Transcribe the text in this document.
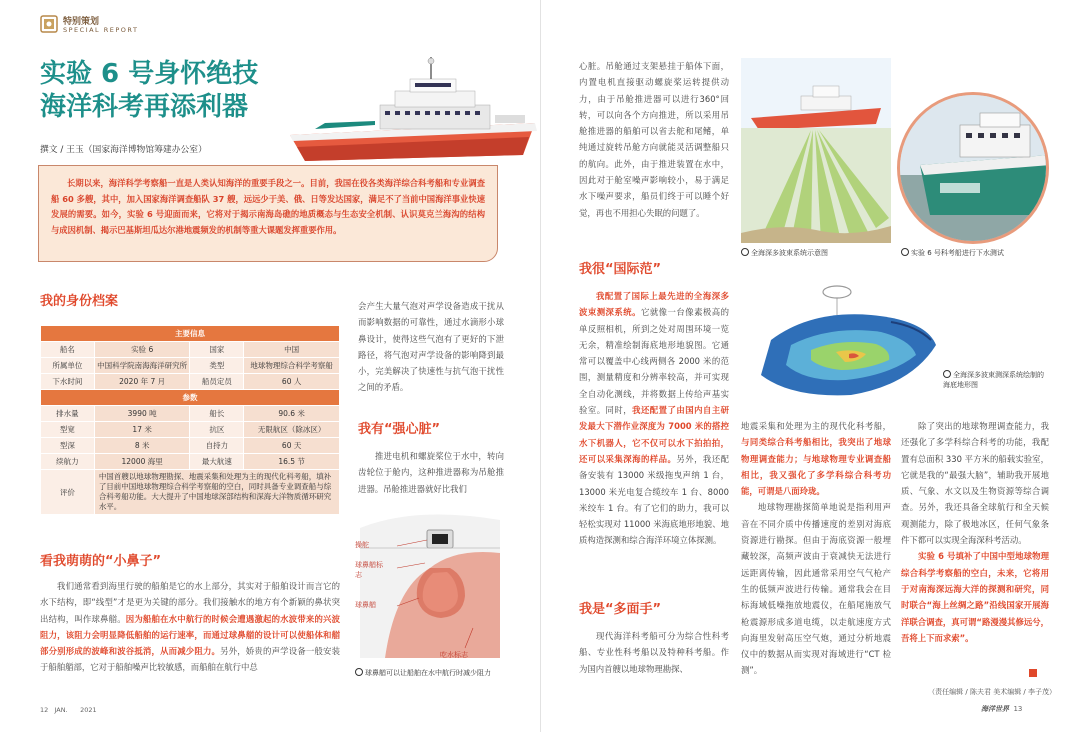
特别策划
SPECIAL REPORT
实验 6 号身怀绝技
海洋科考再添利器
撰文 / 王玉（国家海洋博物馆筹建办公室）

长期以来，海洋科学考察船一直是人类认知海洋的重要手段之一。目前，我国在役各类海洋综合科考船和专业调查船 60 多艘，其中，加入国家海洋调查船队 37 艘，远远少于美、俄、日等发达国家，满足不了当前中国海洋事业快速发展的需要。如今，实验 6 号迎面而来，它将对于揭示南海岛礁的地质概态与生态安全机制、认识莫克兰海沟的结构与成因机制、揭示巴基斯坦瓜达尔港地震频发的机制等重大课题发挥重要作用。

我的身份档案
主要信息			
船名	实验 6	国家	中国
所属单位	中国科学院南海海洋研究所	类型	地球物理综合科学考察船
下水时间	2020 年 7 月	船员定员	60 人
参数			
排水量	3990 吨	船长	90.6 米
型宽	17 米	抗区	无限航区（除冰区）
型深	8 米	自持力	60 天
续航力	12000 海里	最大航速	16.5 节
评价	中国首艘以地球物理勘探、地震采集和处理为主的现代化科考船，填补了目前中国地球物理综合科学考察船的空白，同时具备专业调查船与综合科考船功能。大大提升了中国地球深部结构和深海大洋物质循环研究水平。		
看我萌萌的“小鼻子”

我们通常看到海里行驶的船舶是它的水上部分，其实对于船舶设计而言它的水下结构，即“线型”才是更为关键的部分。我们接触水的地方有个新颖的鼻状突出结构，叫作球鼻艏。因为船舶在水中航行的时候会遭遇激起的水波带来的兴波阻力，该阻力会明显降低船舶的运行速率，而通过球鼻艏的设计可以使船体和艏部分别形成的波峰和波谷抵消，从而减少阻力。另外，娇贵的声学设备一般安装于船舶艏部，它对于船舶噪声比较敏感，而船舶在航行中总

会产生大量气泡对声学设备造成干扰从而影响数据的可靠性，通过水滴形小球鼻设计，使得这些气泡有了更好的下泄路径，将气泡对声学设备的影响降到最小，完美解决了快速性与抗气泡干扰性之间的矛盾。

我有“强心脏”

推进电机和螺旋桨位于水中，转向齿轮位于舱内，这种推进器称为吊舱推进器。吊舱推进器就好比我们

操舵
球鼻艏标志
球鼻艏
吃水标志
球鼻艏可以让船舶在水中航行时减少阻力
12 JAN. 2021

心脏。吊舱通过支架悬挂于船体下面，内置电机直接驱动螺旋桨运转提供动力，由于吊舱推进器可以进行360°回转，可以向各个方向推进，所以采用吊舱推进器的船舶可以省去舵和尾鳍，单纯通过旋转吊舱方向就能灵活调整船只的航向。此外，由于推进装置在水中，因此对于舱室噪声影响较小，易于满足水下噪声要求，船员们终于可以睡个好觉，再也不用担心失眠的问题了。

全海深多波束系统示意图	实验 6 号科考船进行下水测试
我很“国际范”

我配置了国际上最先进的全海深多波束测深系统。它就像一台像素极高的单反照相机，所到之处对周围环境一览无余，精准绘制海底地形地貌图。它通常可以覆盖中心线两侧各 2000 米的范围，测量精度和分辨率较高，并可实现全自动化测线，并将数据上传给声基实验室。同时，我还配置了由国内自主研发最大下潜作业深度为 7000 米的搭控水下机器人，它不仅可以水下拍拍拍，还可以采集深海的样品。另外，我还配备安装有 13000 米级拖曳声纳 1 台，13000 米光电复合缆绞车 1 台、8000 米绞车 1 台。有了它们的助力，我可以轻松实现对 11000 米海底地形地貌、地质构造探测和综合海洋环境立体探测。

全海深多波束测深系统绘制的海底地形图
我是“多面手”

现代海洋科考船可分为综合性科考船、专业性科考船以及特种科考船。作为国内首艘以地球物理勘探、

地震采集和处理为主的现代化科考船，与同类综合科考船相比，我突出了地球物理调查能力；与地球物理专业调查船相比，我又强化了多学科综合科考功能，可谓是八面玲珑。
地球物理勘探简单地说是指利用声音在不同介质中传播速度的差别对海底资源进行勘探。但由于海底资源一般埋藏较深，高频声波由于衰减快无法进行远距离传输，因此通常采用空气气枪产生的低频声波进行传输。通常我会在目标海域低噪拖放地震仪，在船尾施放气枪震源形成多道电缆，以走航速度方式向海里发射高压空气炮，通过分析地震仪中的数据从而实现对海域进行“CT 检测”。

除了突出的地球物理调查能力，我还强化了多学科综合科考的功能，我配置有总面积 330 平方米的船载实验室，它就是我的“最强大脑”，辅助我开展地质、气象、水文以及生物资源等综合调查。另外，我还具备全球航行和全天候观测能力，除了极地冰区，任何气象条件下都可以实现全海深科考活动。
实验 6 号填补了中国中型地球物理综合科学考察船的空白，未来，它将用于对南海深远海大洋的探测和研究，同时联合“海上丝绸之路”沿线国家开展海洋联合调查，真可谓“路漫漫其修远兮，吾将上下而求索”。

（责任编辑 / 陈夫君 美术编辑 / 李子茂）
海洋世界 13
